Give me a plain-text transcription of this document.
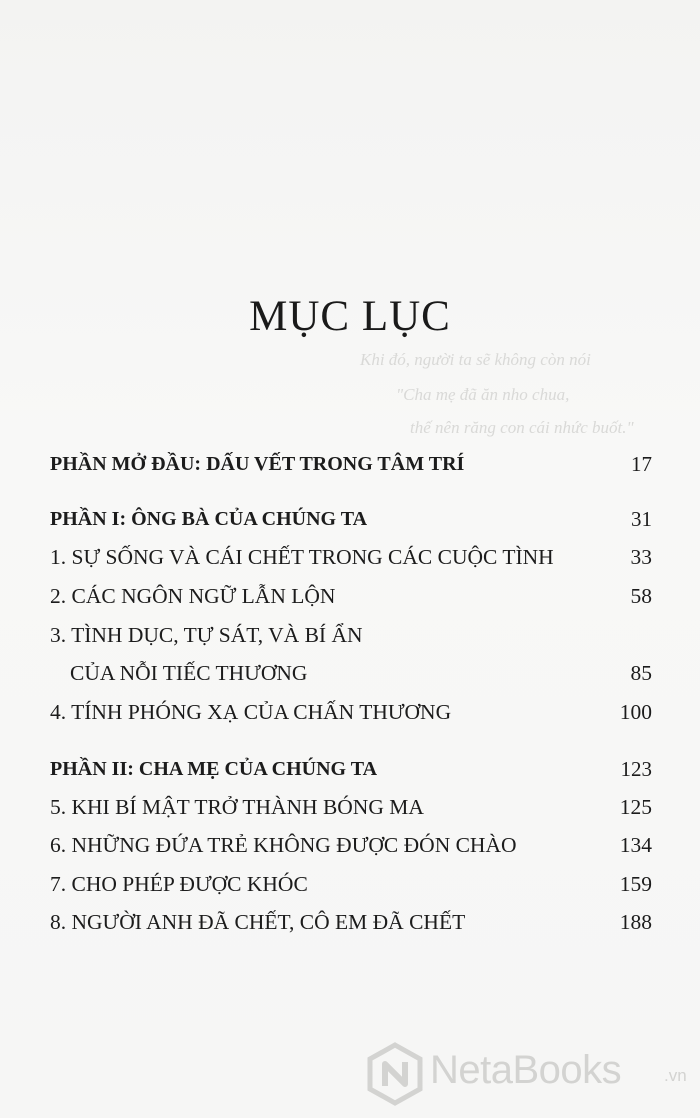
Khi đó, người ta sẽ không còn nói
"Cha mẹ đã ăn nho chua,
thế nên răng con cái nhức buốt."
MỤC LỤC
PHẦN MỞ ĐẦU: DẤU VẾT TRONG TÂM TRÍ	17
PHẦN I: ÔNG BÀ CỦA CHÚNG TA	31
1. SỰ SỐNG VÀ CÁI CHẾT TRONG CÁC CUỘC TÌNH	33
2. CÁC NGÔN NGỮ LẪN LỘN	58
3. TÌNH DỤC, TỰ SÁT, VÀ BÍ ẨN
CỦA NỖI TIẾC THƯƠNG	85
4. TÍNH PHÓNG XẠ CỦA CHẤN THƯƠNG	100
PHẦN II: CHA MẸ CỦA CHÚNG TA	123
5. KHI BÍ MẬT TRỞ THÀNH BÓNG MA	125
6. NHỮNG ĐỨA TRẺ KHÔNG ĐƯỢC ĐÓN CHÀO	134
7. CHO PHÉP ĐƯỢC KHÓC	159
8. NGƯỜI ANH ĐÃ CHẾT, CÔ EM ĐÃ CHẾT	188
NetaBooks	.vn
